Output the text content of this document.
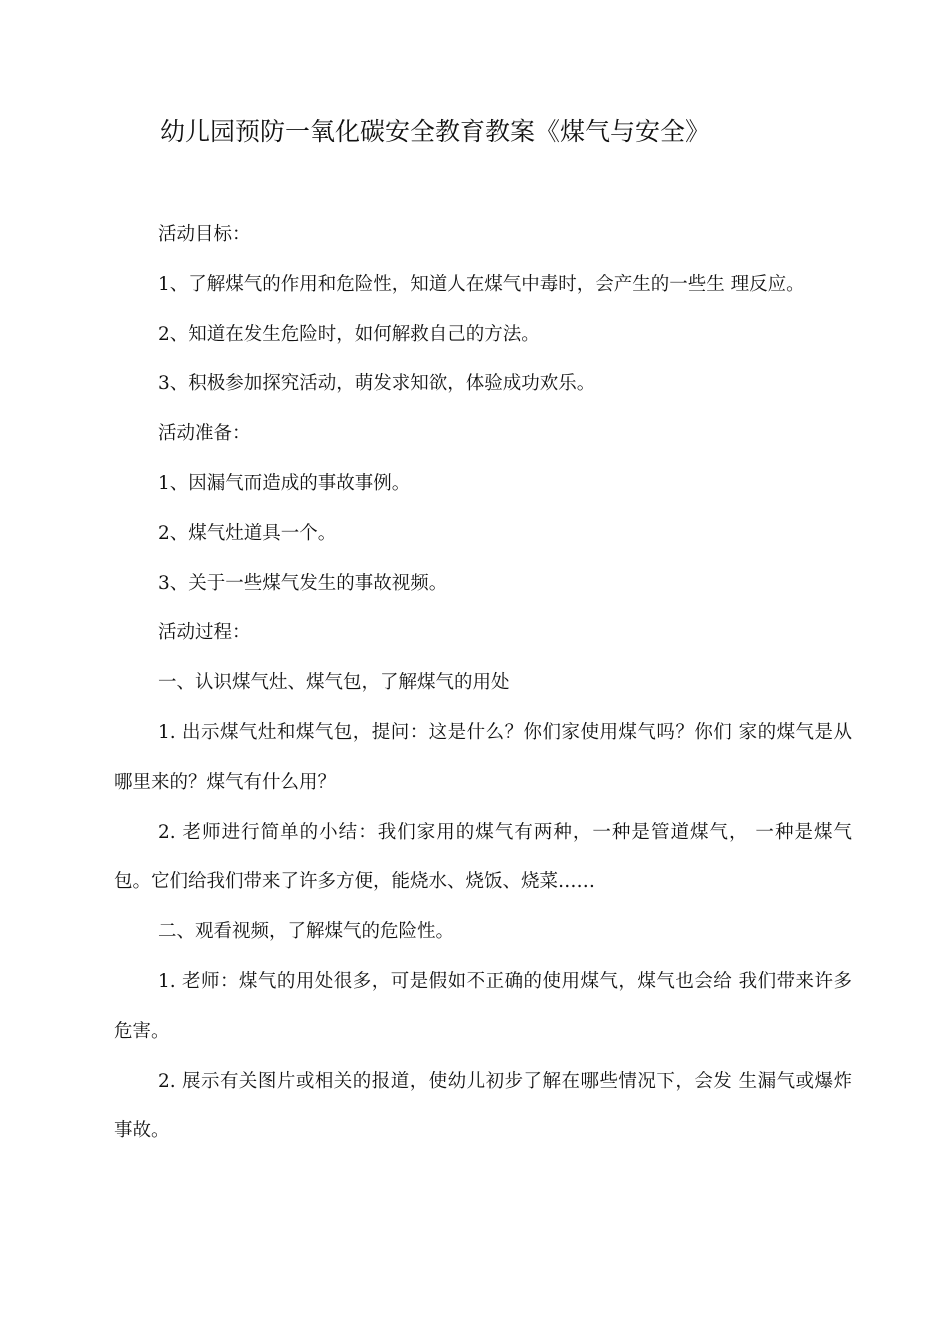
幼儿园预防一氧化碳安全教育教案《煤气与安全》

活动目标：

1、了解煤气的作用和危险性，知道人在煤气中毒时，会产生的一些生 理反应。

2、知道在发生危险时，如何解救自己的方法。

3、积极参加探究活动，萌发求知欲，体验成功欢乐。

活动准备：

1、因漏气而造成的事故事例。

2、煤气灶道具一个。

3、关于一些煤气发生的事故视频。

活动过程：

一、认识煤气灶、煤气包，了解煤气的用处

1. 出示煤气灶和煤气包，提问：这是什么？你们家使用煤气吗？你们 家的煤气是从哪里来的？煤气有什么用？

2. 老师进行简单的小结：我们家用的煤气有两种，一种是管道煤气， 一种是煤气包。它们给我们带来了许多方便，能烧水、烧饭、烧菜……

二、观看视频，了解煤气的危险性。

1. 老师：煤气的用处很多，可是假如不正确的使用煤气，煤气也会给 我们带来许多危害。

2. 展示有关图片或相关的报道，使幼儿初步了解在哪些情况下，会发 生漏气或爆炸事故。
